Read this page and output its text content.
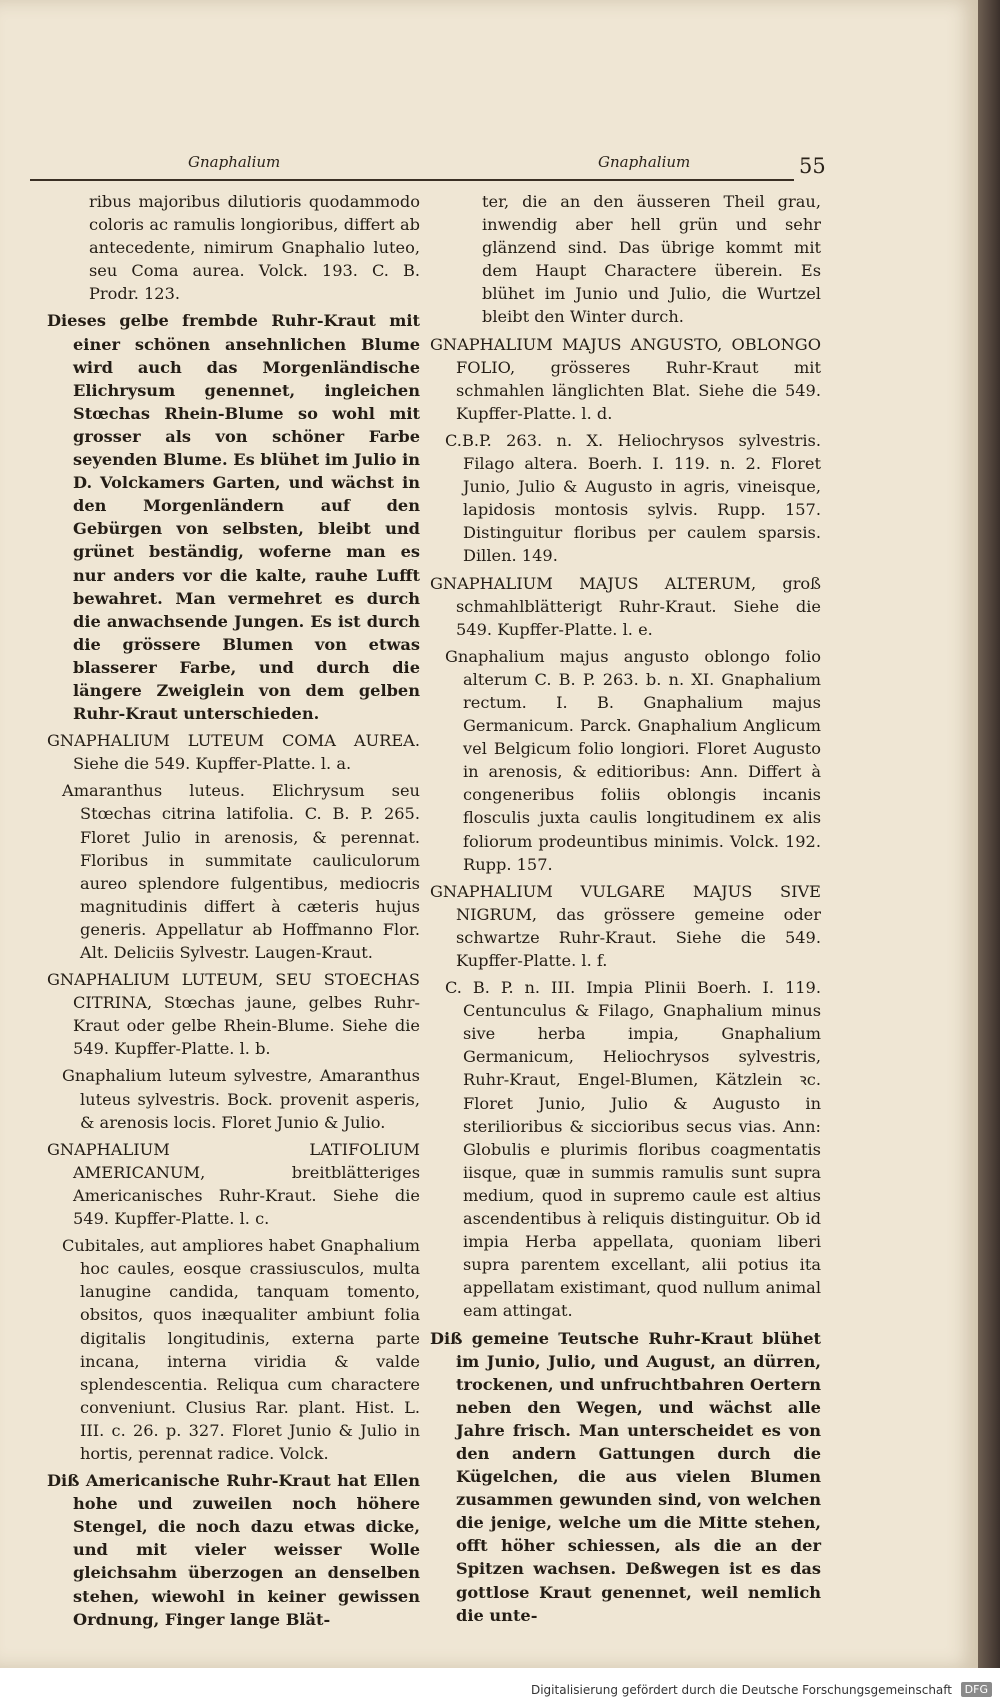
Gnaphalium	Gnaphalium	55

ribus majoribus dilutioris quodammodo coloris ac ramulis longioribus, differt ab antecedente, nimirum Gnaphalio luteo, seu Coma aurea. Volck. 193. C. B. Prodr. 123.

Dieses gelbe frembde Ruhr-Kraut mit einer schönen ansehnlichen Blume wird auch das Morgenländische Elichrysum genennet, ingleichen Stœchas Rhein-Blume so wohl mit grosser als von schöner Farbe seyenden Blume. Es blühet im Julio in D. Volckamers Garten, und wächst in den Morgenländern auf den Gebürgen von selbsten, bleibt und grünet beständig, woferne man es nur anders vor die kalte, rauhe Lufft bewahret. Man vermehret es durch die anwachsende Jungen. Es ist durch die grössere Blumen von etwas blasserer Farbe, und durch die längere Zweiglein von dem gelben Ruhr-Kraut unterschieden.

GNAPHALIUM LUTEUM COMA AUREA. Siehe die 549. Kupffer-Platte. l. a.

Amaranthus luteus. Elichrysum seu Stœchas citrina latifolia. C. B. P. 265. Floret Julio in arenosis, & perennat. Floribus in summitate cauliculorum aureo splendore fulgentibus, mediocris magnitudinis differt à cæteris hujus generis. Appellatur ab Hoffmanno Flor. Alt. Deliciis Sylvestr. Laugen-Kraut.

GNAPHALIUM LUTEUM, SEU STOECHAS CITRINA, Stœchas jaune, gelbes Ruhr-Kraut oder gelbe Rhein-Blume. Siehe die 549. Kupffer-Platte. l. b.

Gnaphalium luteum sylvestre, Amaranthus luteus sylvestris. Bock. provenit asperis, & arenosis locis. Floret Junio & Julio.

GNAPHALIUM LATIFOLIUM AMERICANUM, breitblätteriges Americanisches Ruhr-Kraut. Siehe die 549. Kupffer-Platte. l. c.

Cubitales, aut ampliores habet Gnaphalium hoc caules, eosque crassiusculos, multa lanugine candida, tanquam tomento, obsitos, quos inæqualiter ambiunt folia digitalis longitudinis, externa parte incana, interna viridia & valde splendescentia. Reliqua cum charactere conveniunt. Clusius Rar. plant. Hist. L. III. c. 26. p. 327. Floret Junio & Julio in hortis, perennat radice. Volck.

Diß Americanische Ruhr-Kraut hat Ellen hohe und zuweilen noch höhere Stengel, die noch dazu etwas dicke, und mit vieler weisser Wolle gleichsahm überzogen an denselben stehen, wiewohl in keiner gewissen Ordnung, Finger lange Blät-

ter, die an den äusseren Theil grau, inwendig aber hell grün und sehr glänzend sind. Das übrige kommt mit dem Haupt Charactere überein. Es blühet im Junio und Julio, die Wurtzel bleibt den Winter durch.

GNAPHALIUM MAJUS ANGUSTO, OBLONGO FOLIO, grösseres Ruhr-Kraut mit schmahlen länglichten Blat. Siehe die 549. Kupffer-Platte. l. d.

C.B.P. 263. n. X. Heliochrysos sylvestris. Filago altera. Boerh. I. 119. n. 2. Floret Junio, Julio & Augusto in agris, vineisque, lapidosis montosis sylvis. Rupp. 157. Distinguitur floribus per caulem sparsis. Dillen. 149.

GNAPHALIUM MAJUS ALTERUM, groß schmahlblätterigt Ruhr-Kraut. Siehe die 549. Kupffer-Platte. l. e.

Gnaphalium majus angusto oblongo folio alterum C. B. P. 263. b. n. XI. Gnaphalium rectum. I. B. Gnaphalium majus Germanicum. Parck. Gnaphalium Anglicum vel Belgicum folio longiori. Floret Augusto in arenosis, & editioribus: Ann. Differt à congeneribus foliis oblongis incanis flosculis juxta caulis longitudinem ex alis foliorum prodeuntibus minimis. Volck. 192. Rupp. 157.

GNAPHALIUM VULGARE MAJUS SIVE NIGRUM, das grössere gemeine oder schwartze Ruhr-Kraut. Siehe die 549. Kupffer-Platte. l. f.

C. B. P. n. III. Impia Plinii Boerh. I. 119. Centunculus & Filago, Gnaphalium minus sive herba impia, Gnaphalium Germanicum, Heliochrysos sylvestris, Ruhr-Kraut, Engel-Blumen, Kätzlein ꝛc. Floret Junio, Julio & Augusto in sterilioribus & siccioribus secus vias. Ann: Globulis e plurimis floribus coagmentatis iisque, quæ in summis ramulis sunt supra medium, quod in supremo caule est altius ascendentibus à reliquis distinguitur. Ob id impia Herba appellata, quoniam liberi supra parentem excellant, alii potius ita appellatam existimant, quod nullum animal eam attingat.

Diß gemeine Teutsche Ruhr-Kraut blühet im Junio, Julio, und August, an dürren, trockenen, und unfruchtbahren Oertern neben den Wegen, und wächst alle Jahre frisch. Man unterscheidet es von den andern Gattungen durch die Kügelchen, die aus vielen Blumen zusammen gewunden sind, von welchen die jenige, welche um die Mitte stehen, offt höher schiessen, als die an der Spitzen wachsen. Deßwegen ist es das gottlose Kraut genennet, weil nemlich die unte-

Digitalisierung gefördert durch die Deutsche Forschungsgemeinschaft	DFG
